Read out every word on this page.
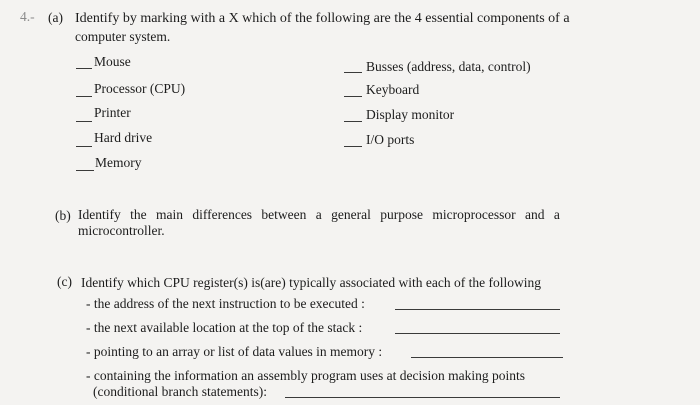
4.- (a) Identify by marking with a X which of the following are the 4 essential components of a
computer system.
Mouse
Processor (CPU)
Printer
Hard drive
Memory
Busses (address, data, control)
Keyboard
Display monitor
I/O ports
(b) Identify the main differences between a general purpose microprocessor and a
microcontroller.
(c) Identify which CPU register(s) is(are) typically associated with each of the following
- the address of the next instruction to be executed :
- the next available location at the top of the stack :
- pointing to an array or list of data values in memory :
- containing the information an assembly program uses at decision making points
(conditional branch statements):
